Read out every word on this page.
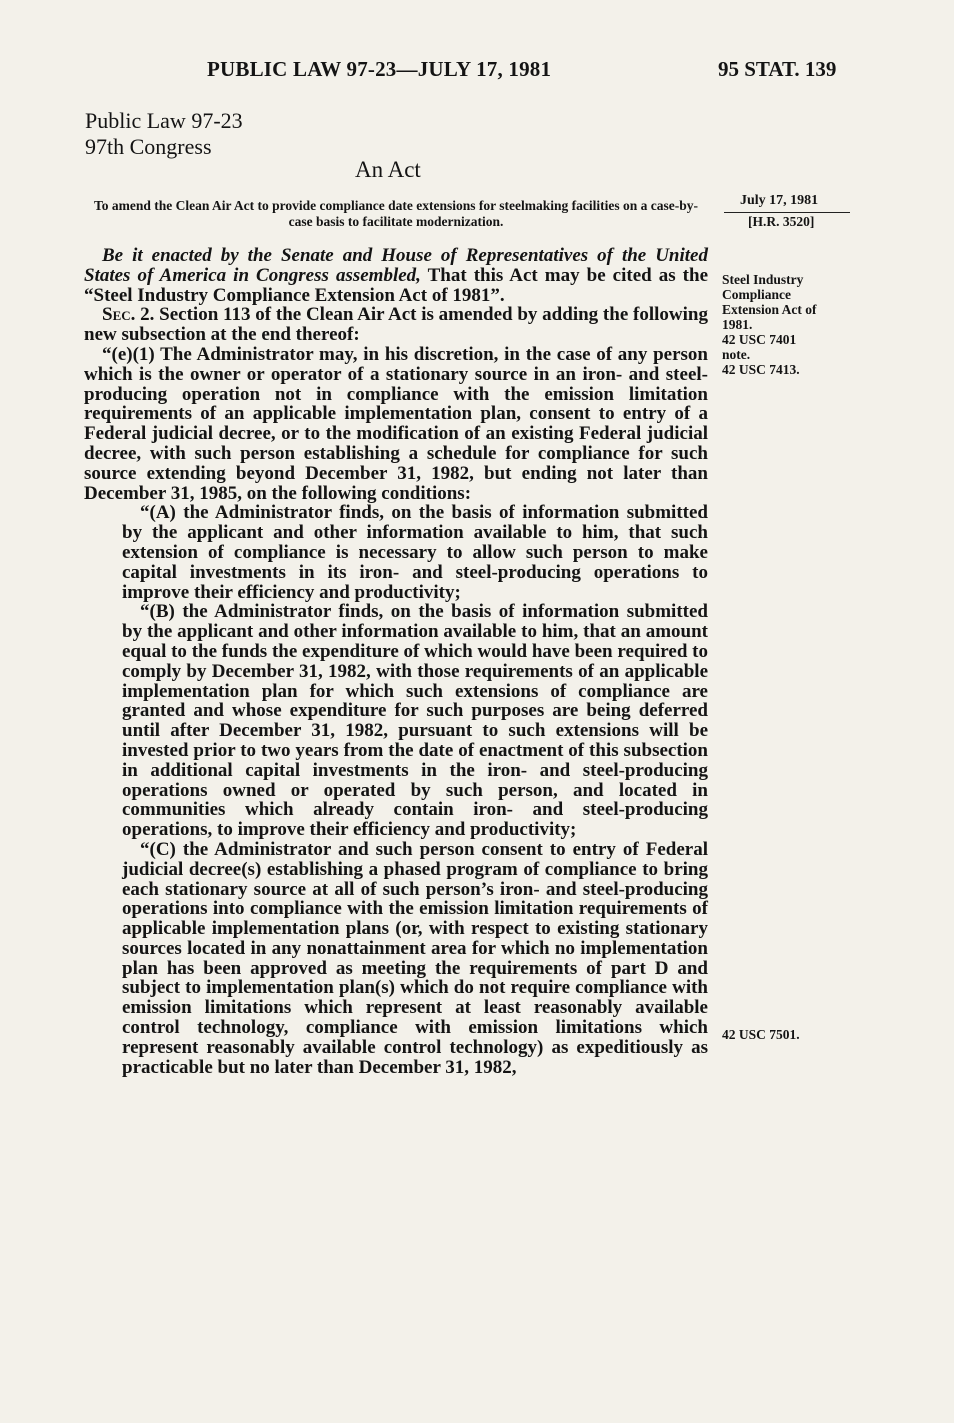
PUBLIC LAW 97-23—JULY 17, 1981	95 STAT. 139
Public Law 97-23
97th Congress
An Act
To amend the Clean Air Act to provide compliance date extensions for steelmaking facilities on a case-by-case basis to facilitate modernization.
July 17, 1981
[H.R. 3520]

Be it enacted by the Senate and House of Representatives of the United States of America in Congress assembled, That this Act may be cited as the “Steel Industry Compliance Extension Act of 1981”.

Sec. 2. Section 113 of the Clean Air Act is amended by adding the following new subsection at the end thereof:

“(e)(1) The Administrator may, in his discretion, in the case of any person which is the owner or operator of a stationary source in an iron- and steel-producing operation not in compliance with the emission limitation requirements of an applicable implementation plan, consent to entry of a Federal judicial decree, or to the modification of an existing Federal judicial decree, with such person establishing a schedule for compliance for such source extending beyond December 31, 1982, but ending not later than December 31, 1985, on the following conditions:

“(A) the Administrator finds, on the basis of information submitted by the applicant and other information available to him, that such extension of compliance is necessary to allow such person to make capital investments in its iron- and steel-producing operations to improve their efficiency and productivity;

“(B) the Administrator finds, on the basis of information submitted by the applicant and other information available to him, that an amount equal to the funds the expenditure of which would have been required to comply by December 31, 1982, with those requirements of an applicable implementation plan for which such extensions of compliance are granted and whose expenditure for such purposes are being deferred until after December 31, 1982, pursuant to such extensions will be invested prior to two years from the date of enactment of this subsection in additional capital investments in the iron- and steel-producing operations owned or operated by such person, and located in communities which already contain iron- and steel-producing operations, to improve their efficiency and productivity;

“(C) the Administrator and such person consent to entry of Federal judicial decree(s) establishing a phased program of compliance to bring each stationary source at all of such person’s iron- and steel-producing operations into compliance with the emission limitation requirements of applicable implementation plans (or, with respect to existing stationary sources located in any nonattainment area for which no implementation plan has been approved as meeting the requirements of part D and subject to implementation plan(s) which do not require compliance with emission limitations which represent at least reasonably available control technology, compliance with emission limitations which represent reasonably available control technology) as expeditiously as practicable but no later than December 31, 1982,

Steel Industry
Compliance
Extension Act of
1981.
42 USC 7401
note.
42 USC 7413.
42 USC 7501.
